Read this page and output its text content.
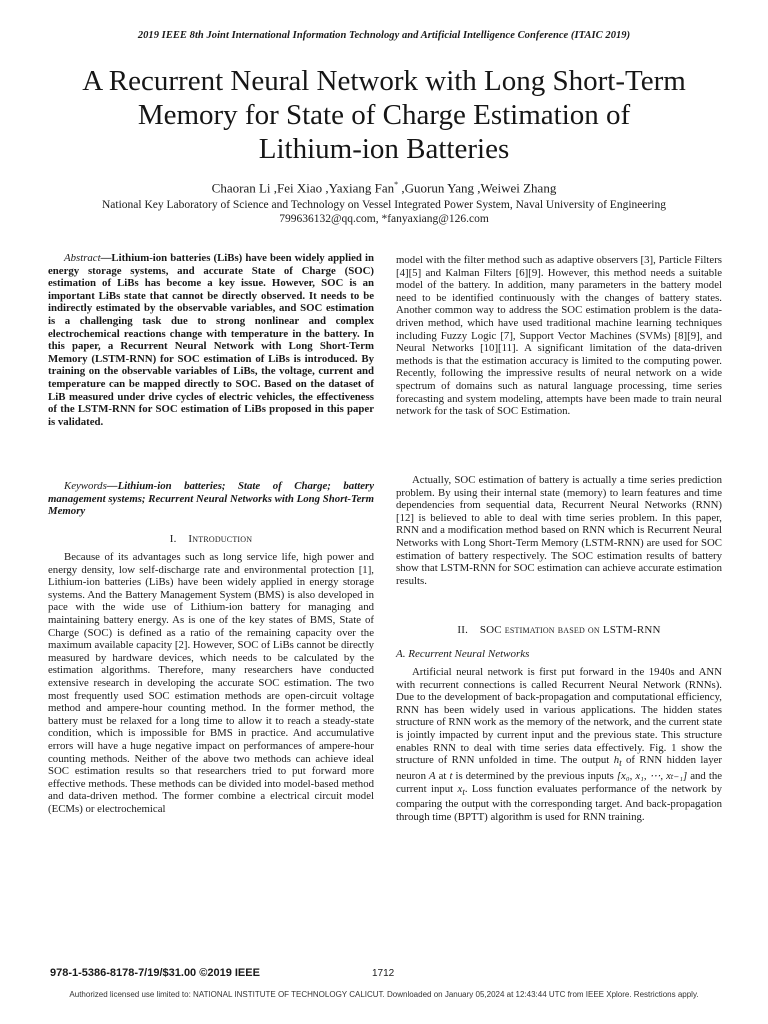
2019 IEEE 8th Joint International Information Technology and Artificial Intelligence Conference (ITAIC 2019)
A Recurrent Neural Network with Long Short-Term
Memory for State of Charge Estimation of
Lithium-ion Batteries
Chaoran Li ,Fei Xiao ,Yaxiang Fan* ,Guorun Yang ,Weiwei Zhang
National Key Laboratory of Science and Technology on Vessel Integrated Power System, Naval University of Engineering
799636132@qq.com, *fanyaxiang@126.com
Abstract—Lithium-ion batteries (LiBs) have been widely applied in energy storage systems, and accurate State of Charge (SOC) estimation of LiBs has become a key issue. However, SOC is an important LiBs state that cannot be directly observed. It needs to be indirectly estimated by the observable variables, and SOC estimation is a challenging task due to strong nonlinear and complex electrochemical reactions change with temperature in the battery. In this paper, a Recurrent Neural Network with Long Short-Term Memory (LSTM-RNN) for SOC estimation of LiBs is introduced. By training on the observable variables of LiBs, the voltage, current and temperature can be mapped directly to SOC. Based on the dataset of LiB measured under drive cycles of electric vehicles, the effectiveness of the LSTM-RNN for SOC estimation of LiBs proposed in this paper is validated.
Keywords—Lithium-ion batteries; State of Charge; battery management systems; Recurrent Neural Networks with Long Short-Term Memory
I. Introduction
Because of its advantages such as long service life, high power and energy density, low self-discharge rate and environmental protection [1], Lithium-ion batteries (LiBs) have been widely applied in energy storage systems. And the Battery Management System (BMS) is also developed in pace with the wide use of Lithium-ion battery for managing and maintaining battery energy. As is one of the key states of BMS, State of Charge (SOC) is defined as a ratio of the remaining capacity over the maximum available capacity [2]. However, SOC of LiBs cannot be directly measured by hardware devices, which needs to be calculated by the estimation algorithms. Therefore, many researchers have conducted extensive research in developing the accurate SOC estimation. The two most frequently used SOC estimation methods are open-circuit voltage method and ampere-hour counting method. In the former method, the battery must be relaxed for a long time to allow it to reach a steady-state condition, which is impossible for BMS in practice. And accumulative errors will have a huge negative impact on performances of ampere-hour counting methods. Neither of the above two methods can achieve ideal SOC estimation results so that researchers tried to put forward more effective methods. These methods can be divided into model-based method and data-driven method. The former combine a electrical circuit model (ECMs) or electrochemical
model with the filter method such as adaptive observers [3], Particle Filters [4][5] and Kalman Filters [6][9]. However, this method needs a suitable model of the battery. In addition, many parameters in the battery model need to be identified continuously with the changes of battery states. Another common way to address the SOC estimation problem is the data-driven method, which have used traditional machine learning techniques including Fuzzy Logic [7], Support Vector Machines (SVMs) [8][9], and Neural Networks [10][11]. A significant limitation of the data-driven methods is that the estimation accuracy is limited to the computing power. Recently, following the impressive results of neural network on a wide spectrum of domains such as natural language processing, time series forecasting and system modeling, attempts have been made to train neural network for the task of SOC Estimation.
Actually, SOC estimation of battery is actually a time series prediction problem. By using their internal state (memory) to learn features and time dependencies from sequential data, Recurrent Neural Networks (RNN) [12] is believed to able to deal with time series problem. In this paper, RNN and a modification method based on RNN which is Recurrent Neural Networks with Long Short-Term Memory (LSTM-RNN) are used for SOC estimation of battery respectively. The SOC estimation results of battery show that LSTM-RNN for SOC estimation can achieve accurate estimation results.
II. SOC estimation based on LSTM-RNN
A. Recurrent Neural Networks
Artificial neural network is first put forward in the 1940s and ANN with recurrent connections is called Recurrent Neural Network (RNNs). Due to the development of back-propagation and computational efficiency, RNN has been widely used in various applications. The hidden states structure of RNN work as the memory of the network, and the current state is jointly impacted by current input and the previous state. This structure enables RNN to deal with time series data effectively. Fig. 1 show the structure of RNN unfolded in time. The output $h_t$ of RNN hidden layer neuron A at t is determined by the previous inputs [x₀, x₁, ⋯, xₜ₋₁] and the current input $x_t$. Loss function evaluates performance of the network by comparing the output with the corresponding target. And back-propagation through time (BPTT) algorithm is used for RNN training.
978-1-5386-8178-7/19/$31.00 ©2019 IEEE	1712
Authorized licensed use limited to: NATIONAL INSTITUTE OF TECHNOLOGY CALICUT. Downloaded on January 05,2024 at 12:43:44 UTC from IEEE Xplore. Restrictions apply.
